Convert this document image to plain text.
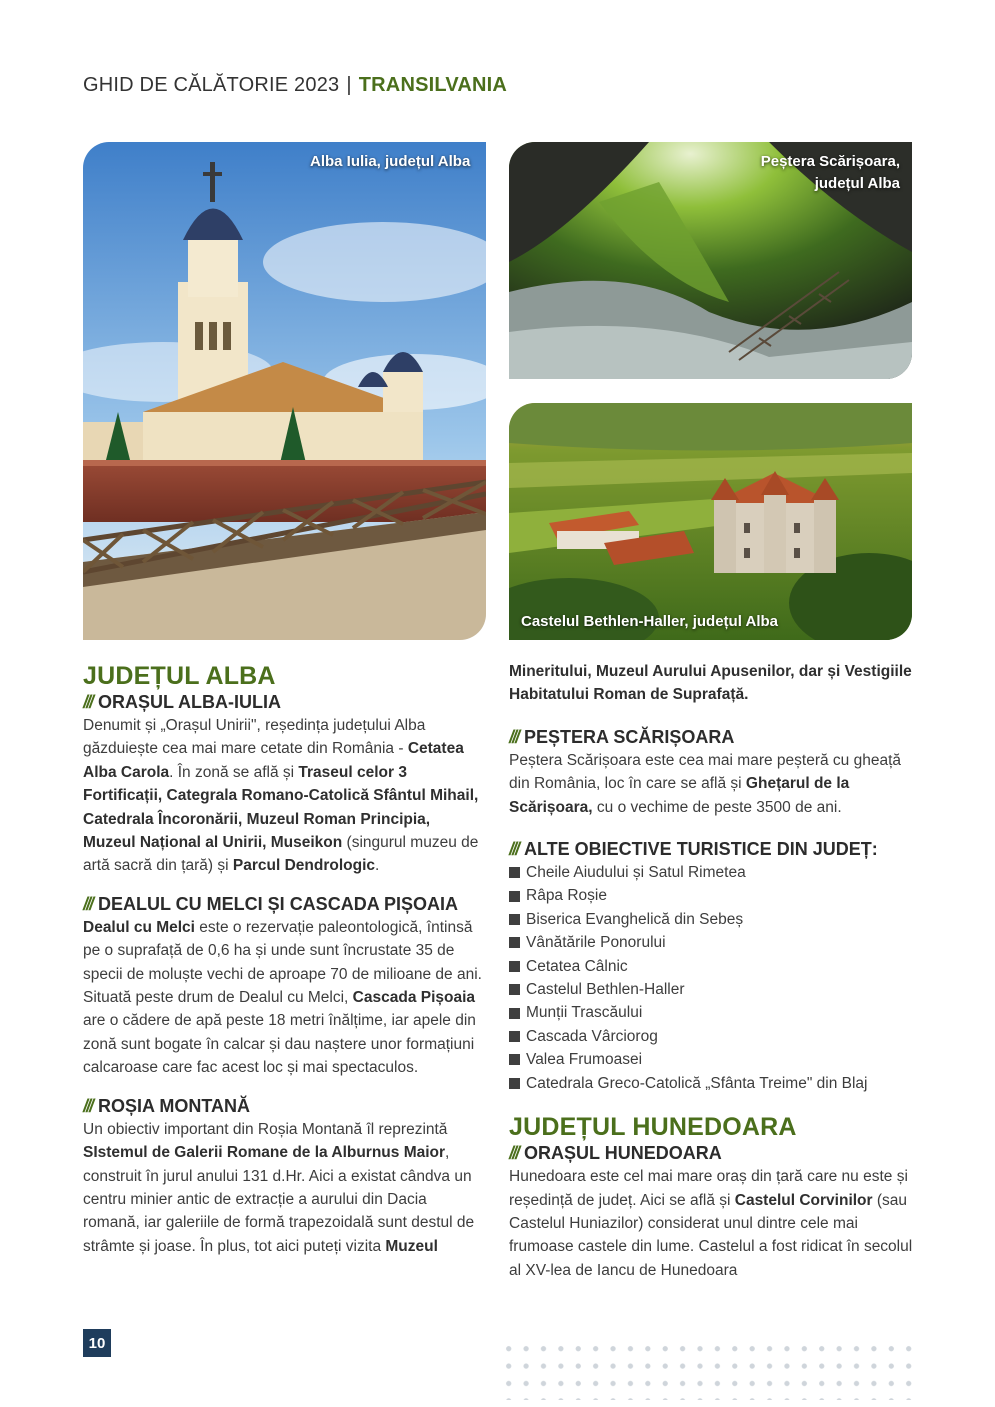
GHID DE CĂLĂTORIE 2023 | TRANSILVANIA
Alba Iulia, județul Alba	Peștera Scărișoara,
județul Alba
Castelul Bethlen-Haller, județul Alba
JUDEȚUL ALBA
/// ORAȘUL ALBA-IULIA

Denumit și „Orașul Unirii", reședința județului Alba găzduiește cea mai mare cetate din România - Cetatea Alba Carola. În zonă se află și Traseul celor 3 Fortificații, Categrala Romano-Catolică Sfântul Mihail, Catedrala Încoronării, Muzeul Roman Principia, Muzeul Național al Unirii, Museikon (singurul muzeu de artă sacră din țară) și Parcul Dendrologic.

/// DEALUL CU MELCI ȘI CASCADA PIȘOAIA

Dealul cu Melci este o rezervație paleontologică, întinsă pe o suprafață de 0,6 ha și unde sunt încrustate 35 de specii de moluște vechi de aproape 70 de milioane de ani. Situată peste drum de Dealul cu Melci, Cascada Pișoaia are o cădere de apă peste 18 metri înălțime, iar apele din zonă sunt bogate în calcar și dau naștere unor formațiuni calcaroase care fac acest loc și mai spectaculos.

/// ROȘIA MONTANĂ

Un obiectiv important din Roșia Montană îl reprezintă SIstemul de Galerii Romane de la Alburnus Maior, construit în jurul anului 131 d.Hr. Aici a existat cândva un centru minier antic de extracție a aurului din Dacia romană, iar galeriile de formă trapezoidală sunt destul de strâmte și joase. În plus, tot aici puteți vizita Muzeul

Mineritului, Muzeul Aurului Apusenilor, dar și Vestigiile Habitatului Roman de Suprafață.

/// PEȘTERA SCĂRIȘOARA

Peștera Scărișoara este cea mai mare peșteră cu gheață din România, loc în care se află și Ghețarul de la Scărișoara, cu o vechime de peste 3500 de ani.

/// ALTE OBIECTIVE TURISTICE DIN JUDEȚ:
Cheile Aiudului și Satul Rimetea
Râpa Roșie
Biserica Evanghelică din Sebeș
Vânătările Ponorului
Cetatea Câlnic
Castelul Bethlen-Haller
Munții Trascăului
Cascada Vârciorog
Valea Frumoasei
Catedrala Greco-Catolică „Sfânta Treime" din Blaj
JUDEȚUL HUNEDOARA
/// ORAȘUL HUNEDOARA

Hunedoara este cel mai mare oraș din țară care nu este și reședință de județ. Aici se află și Castelul Corvinilor (sau Castelul Huniazilor) considerat unul dintre cele mai frumoase castele din lume. Castelul a fost ridicat în secolul al XV-lea de Iancu de Hunedoara

10
